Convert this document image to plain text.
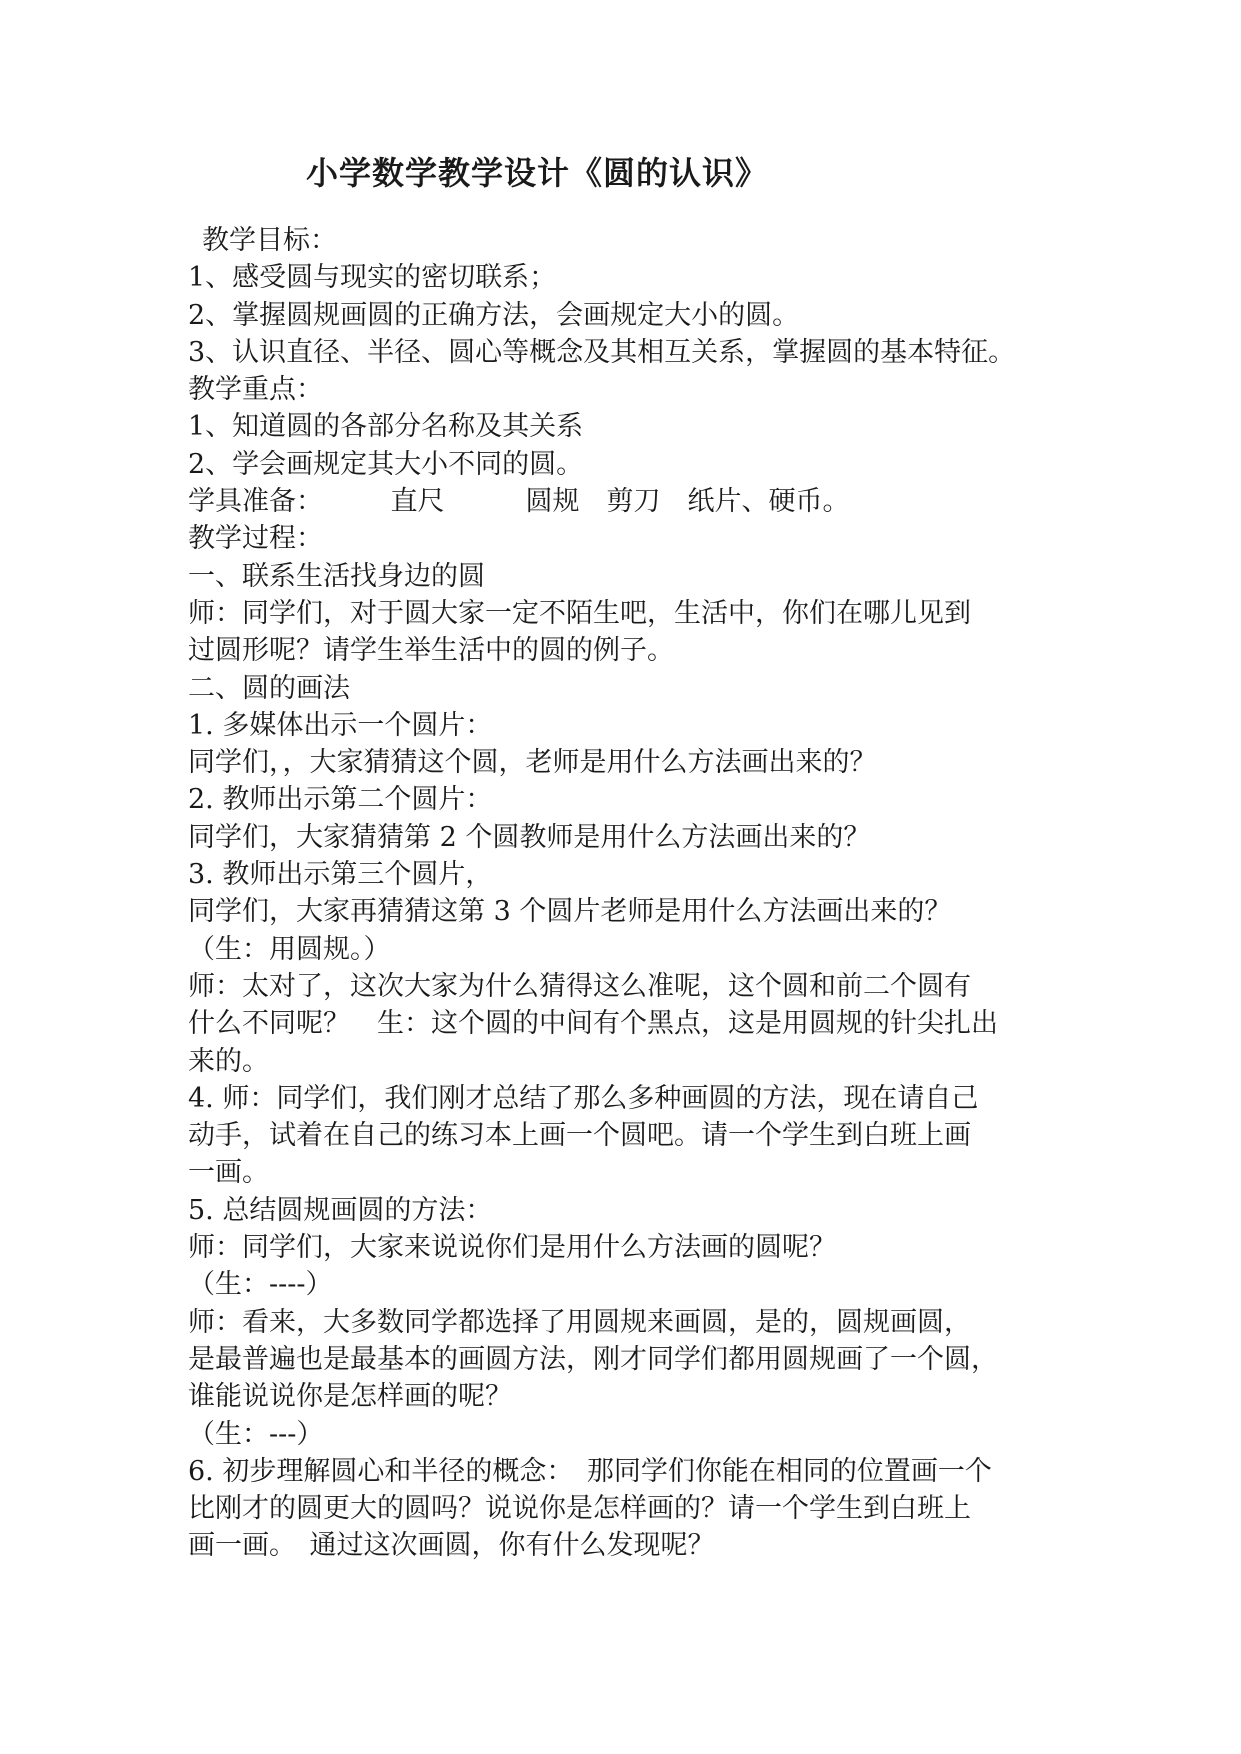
小学数学教学设计《圆的认识》

教学目标：

1、感受圆与现实的密切联系；

2、掌握圆规画圆的正确方法，会画规定大小的圆。

3、认识直径、半径、圆心等概念及其相互关系，掌握圆的基本特征。

教学重点：

1、知道圆的各部分名称及其关系

2、学会画规定其大小不同的圆。

学具准备：　　　直尺　　　圆规　剪刀　纸片、硬币。

教学过程：

一、联系生活找身边的圆

师：同学们，对于圆大家一定不陌生吧，生活中，你们在哪儿见到

过圆形呢？请学生举生活中的圆的例子。

二、圆的画法

1. 多媒体出示一个圆片：

同学们，，大家猜猜这个圆，老师是用什么方法画出来的？

2. 教师出示第二个圆片：

同学们，大家猜猜第 2 个圆教师是用什么方法画出来的？

3. 教师出示第三个圆片，

同学们，大家再猜猜这第 3 个圆片老师是用什么方法画出来的？

（生：用圆规。）

师：太对了，这次大家为什么猜得这么准呢，这个圆和前二个圆有

什么不同呢？　生：这个圆的中间有个黑点，这是用圆规的针尖扎出

来的。

4. 师：同学们，我们刚才总结了那么多种画圆的方法，现在请自己

动手，试着在自己的练习本上画一个圆吧。请一个学生到白班上画

一画。

5. 总结圆规画圆的方法：

师：同学们，大家来说说你们是用什么方法画的圆呢？

（生：----）

师：看来，大多数同学都选择了用圆规来画圆，是的，圆规画圆，

是最普遍也是最基本的画圆方法，刚才同学们都用圆规画了一个圆，

谁能说说你是怎样画的呢？

（生：---）

6. 初步理解圆心和半径的概念：　那同学们你能在相同的位置画一个

比刚才的圆更大的圆吗？说说你是怎样画的？请一个学生到白班上

画一画。　通过这次画圆，你有什么发现呢？
